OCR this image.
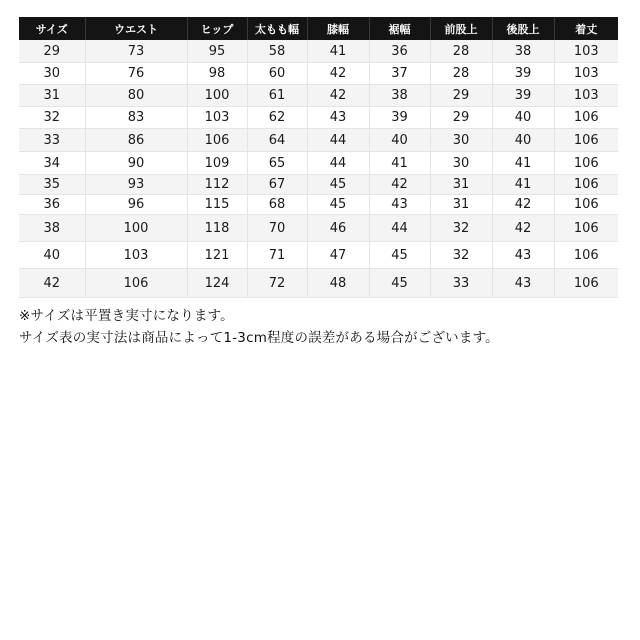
サイズ	ウエスト	ヒップ	太もも幅	膝幅	裾幅	前股上	後股上	着丈
29	73	95	58	41	36	28	38	103
30	76	98	60	42	37	28	39	103
31	80	100	61	42	38	29	39	103
32	83	103	62	43	39	29	40	106
33	86	106	64	44	40	30	40	106
34	90	109	65	44	41	30	41	106
35	93	112	67	45	42	31	41	106
36	96	115	68	45	43	31	42	106
38	100	118	70	46	44	32	42	106
40	103	121	71	47	45	32	43	106
42	106	124	72	48	45	33	43	106
※サイズは平置き実寸になります。
サイズ表の実寸法は商品によって1-3cm程度の誤差がある場合がございます。
